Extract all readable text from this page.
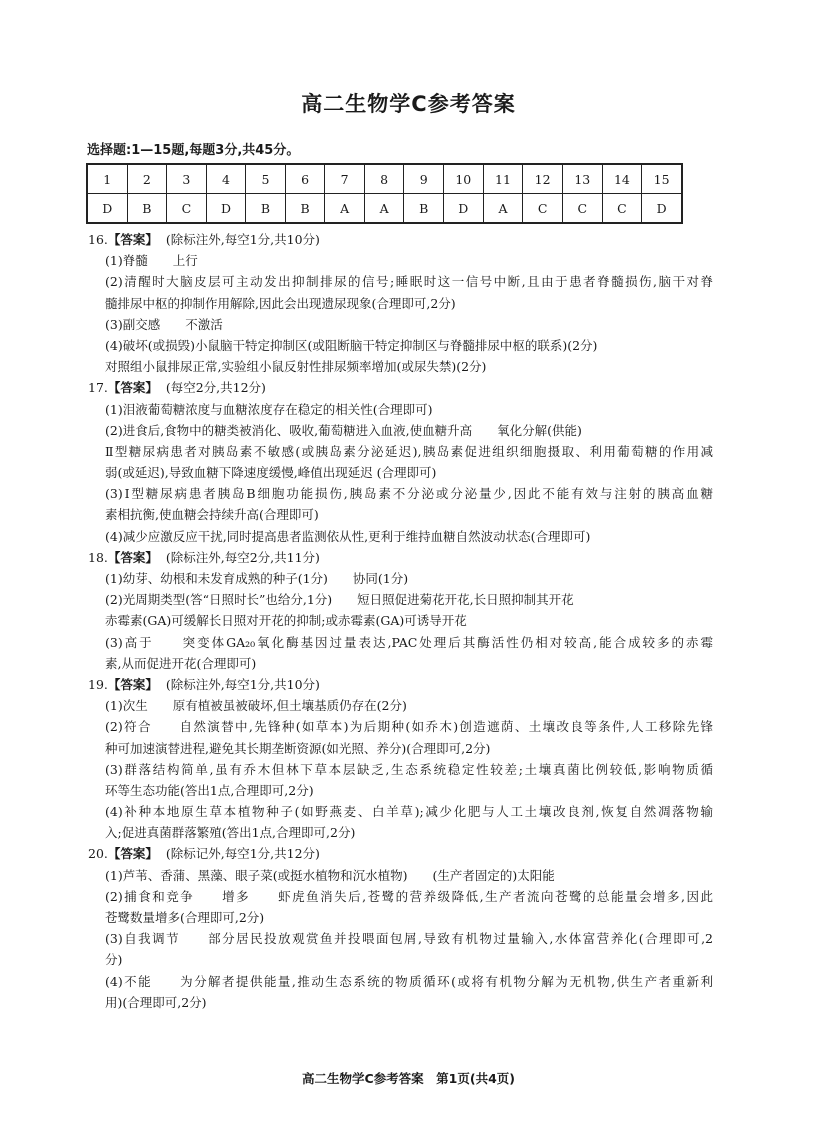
高二生物学C参考答案
选择题:1—15题,每题3分,共45分。
1	2	3	4	5	6	7	8	9	10	11	12	13	14	15
D	B	C	D	B	B	A	A	B	D	A	C	C	C	D
16.【答案】  (除标注外,每空1分,共10分)
(1)脊髓　　上行
(2)清醒时大脑皮层可主动发出抑制排尿的信号;睡眠时这一信号中断,且由于患者脊髓损伤,脑干对脊
髓排尿中枢的抑制作用解除,因此会出现遗尿现象(合理即可,2分)
(3)副交感　　不激活
(4)破坏(或损毁)小鼠脑干特定抑制区(或阻断脑干特定抑制区与脊髓排尿中枢的联系)(2分)
对照组小鼠排尿正常,实验组小鼠反射性排尿频率增加(或尿失禁)(2分)
17.【答案】  (每空2分,共12分)
(1)泪液葡萄糖浓度与血糖浓度存在稳定的相关性(合理即可)
(2)进食后,食物中的糖类被消化、吸收,葡萄糖进入血液,使血糖升高　　氧化分解(供能)
Ⅱ型糖尿病患者对胰岛素不敏感(或胰岛素分泌延迟),胰岛素促进组织细胞摄取、利用葡萄糖的作用减
弱(或延迟),导致血糖下降速度缓慢,峰值出现延迟 (合理即可)
(3)Ⅰ型糖尿病患者胰岛B细胞功能损伤,胰岛素不分泌或分泌量少,因此不能有效与注射的胰高血糖
素相抗衡,使血糖会持续升高(合理即可)
(4)减少应激反应干扰,同时提高患者监测依从性,更利于维持血糖自然波动状态(合理即可)
18.【答案】  (除标注外,每空2分,共11分)
(1)幼芽、幼根和未发育成熟的种子(1分)　　协同(1分)
(2)光周期类型(答“日照时长”也给分,1分)　　短日照促进菊花开花,长日照抑制其开花
赤霉素(GA)可缓解长日照对开花的抑制;或赤霉素(GA)可诱导开花
(3)高于　　突变体GA₂₀氧化酶基因过量表达,PAC处理后其酶活性仍相对较高,能合成较多的赤霉
素,从而促进开花(合理即可)
19.【答案】  (除标注外,每空1分,共10分)
(1)次生　　原有植被虽被破坏,但土壤基质仍存在(2分)
(2)符合　　自然演替中,先锋种(如草本)为后期种(如乔木)创造遮荫、土壤改良等条件,人工移除先锋
种可加速演替进程,避免其长期垄断资源(如光照、养分)(合理即可,2分)
(3)群落结构简单,虽有乔木但林下草本层缺乏,生态系统稳定性较差;土壤真菌比例较低,影响物质循
环等生态功能(答出1点,合理即可,2分)
(4)补种本地原生草本植物种子(如野燕麦、白羊草);减少化肥与人工土壤改良剂,恢复自然凋落物输
入;促进真菌群落繁殖(答出1点,合理即可,2分)
20.【答案】  (除标记外,每空1分,共12分)
(1)芦苇、香蒲、黑藻、眼子菜(或挺水植物和沉水植物)　　(生产者固定的)太阳能
(2)捕食和竞争　　增多　　虾虎鱼消失后,苍鹭的营养级降低,生产者流向苍鹭的总能量会增多,因此
苍鹭数量增多(合理即可,2分)
(3)自我调节　　部分居民投放观赏鱼并投喂面包屑,导致有机物过量输入,水体富营养化(合理即可,2
分)
(4)不能　　为分解者提供能量,推动生态系统的物质循环(或将有机物分解为无机物,供生产者重新利
用)(合理即可,2分)
高二生物学C参考答案　第1页(共4页)
